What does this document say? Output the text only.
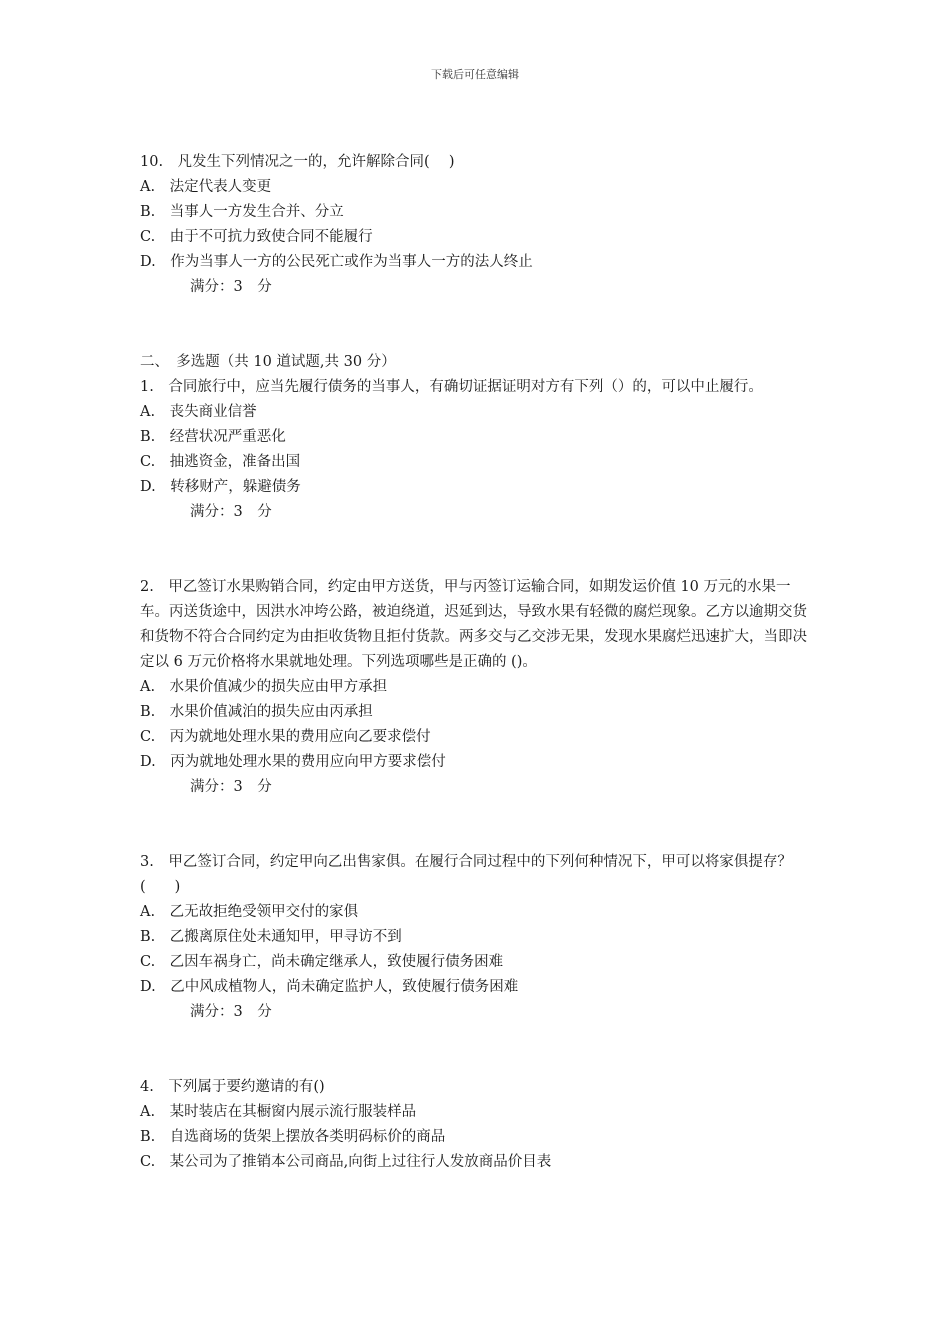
下载后可任意编辑
10.　凡发生下列情况之一的，允许解除合同(　 )
A.　法定代表人变更
B.　当事人一方发生合并、分立
C.　由于不可抗力致使合同不能履行
D.　作为当事人一方的公民死亡或作为当事人一方的法人终止
满分：3　分
二、　多选题（共 10 道试题,共 30 分）
1.　合同旅行中，应当先履行债务的当事人，有确切证据证明对方有下列（）的，可以中止履行。
A.　丧失商业信誉
B.　经营状况严重恶化
C.　抽逃资金，准备出国
D.　转移财产，躲避债务
满分：3　分
2.　甲乙签订水果购销合同，约定由甲方送货，甲与丙签订运输合同，如期发运价值 10 万元的水果一车。丙送货途中，因洪水冲垮公路，被迫绕道，迟延到达，导致水果有轻微的腐烂现象。乙方以逾期交货和货物不符合合同约定为由拒收货物且拒付货款。两多交与乙交涉无果，发现水果腐烂迅速扩大，当即决定以 6 万元价格将水果就地处理。下列选项哪些是正确的 ()。
A.　水果价值减少的损失应由甲方承担
B.　水果价值减泊的损失应由丙承担
C.　丙为就地处理水果的费用应向乙要求偿付
D.　丙为就地处理水果的费用应向甲方要求偿付
满分：3　分
3.　甲乙签订合同，约定甲向乙出售家俱。在履行合同过程中的下列何种情况下，甲可以将家俱提存？(　　)
A.　乙无故拒绝受领甲交付的家俱
B.　乙搬离原住处未通知甲，甲寻访不到
C.　乙因车祸身亡，尚未确定继承人，致使履行债务困难
D.　乙中风成植物人，尚未确定监护人，致使履行债务困难
满分：3　分
4.　下列属于要约邀请的有()
A.　某时装店在其橱窗内展示流行服装样品
B.　自选商场的货架上摆放各类明码标价的商品
C.　某公司为了推销本公司商品,向街上过往行人发放商品价目表
